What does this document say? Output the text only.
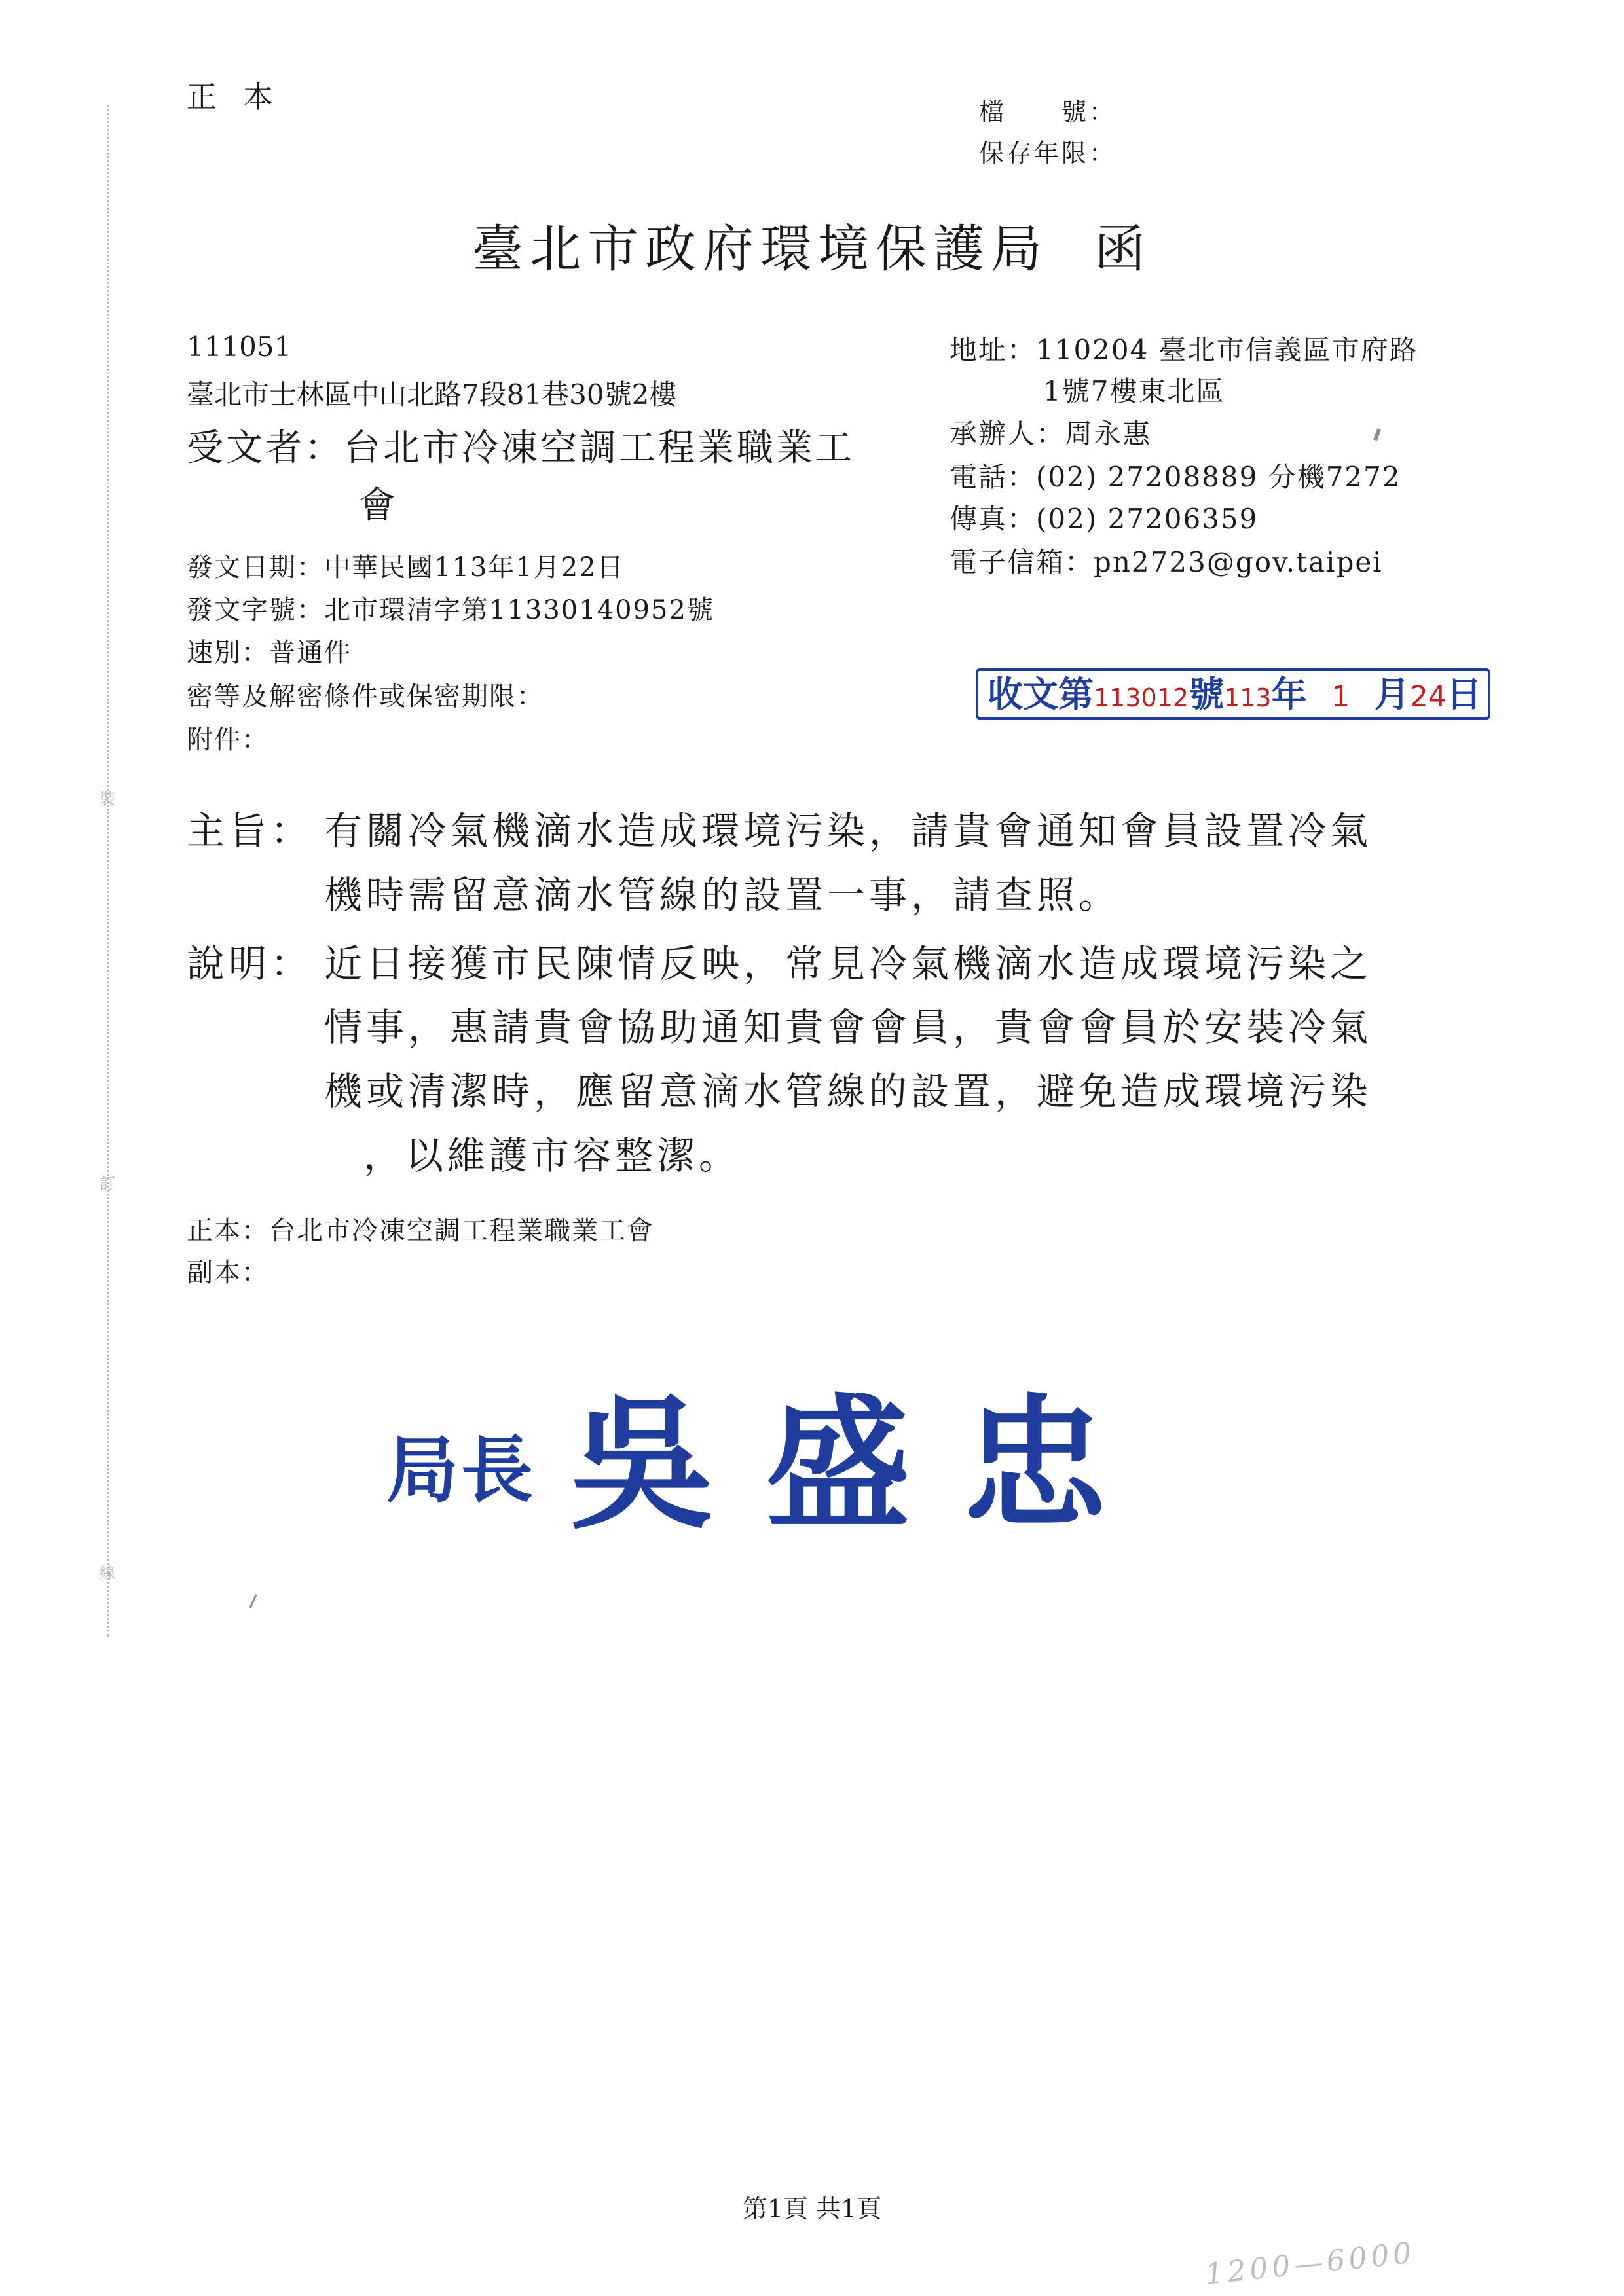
裝
訂
線
正本	檔　　號：
保存年限：
臺北市政府環境保護局 函
111051
臺北市士林區中山北路7段81巷30號2樓
受文者：台北市冷凍空調工程業職業工
會
地址：110204 臺北市信義區市府路
1號7樓東北區
承辦人：周永惠
電話：(02) 27208889 分機7272
傳真：(02) 27206359
電子信箱：pn2723@gov.taipei
發文日期：中華民國113年1月22日
發文字號：北市環清字第11330140952號
速別：普通件
密等及解密條件或保密期限：
附件：
收文第113012號113年 1 月24日
主旨： 有關冷氣機滴水造成環境污染，請貴會通知會員設置冷氣
機時需留意滴水管線的設置一事，請查照。
說明： 近日接獲市民陳情反映，常見冷氣機滴水造成環境污染之
情事，惠請貴會協助通知貴會會員，貴會會員於安裝冷氣
機或清潔時，應留意滴水管線的設置，避免造成環境污染
，以維護市容整潔。
正本：台北市冷凍空調工程業職業工會
副本：
局長 吳盛忠
第1頁 共1頁
1200—6000
